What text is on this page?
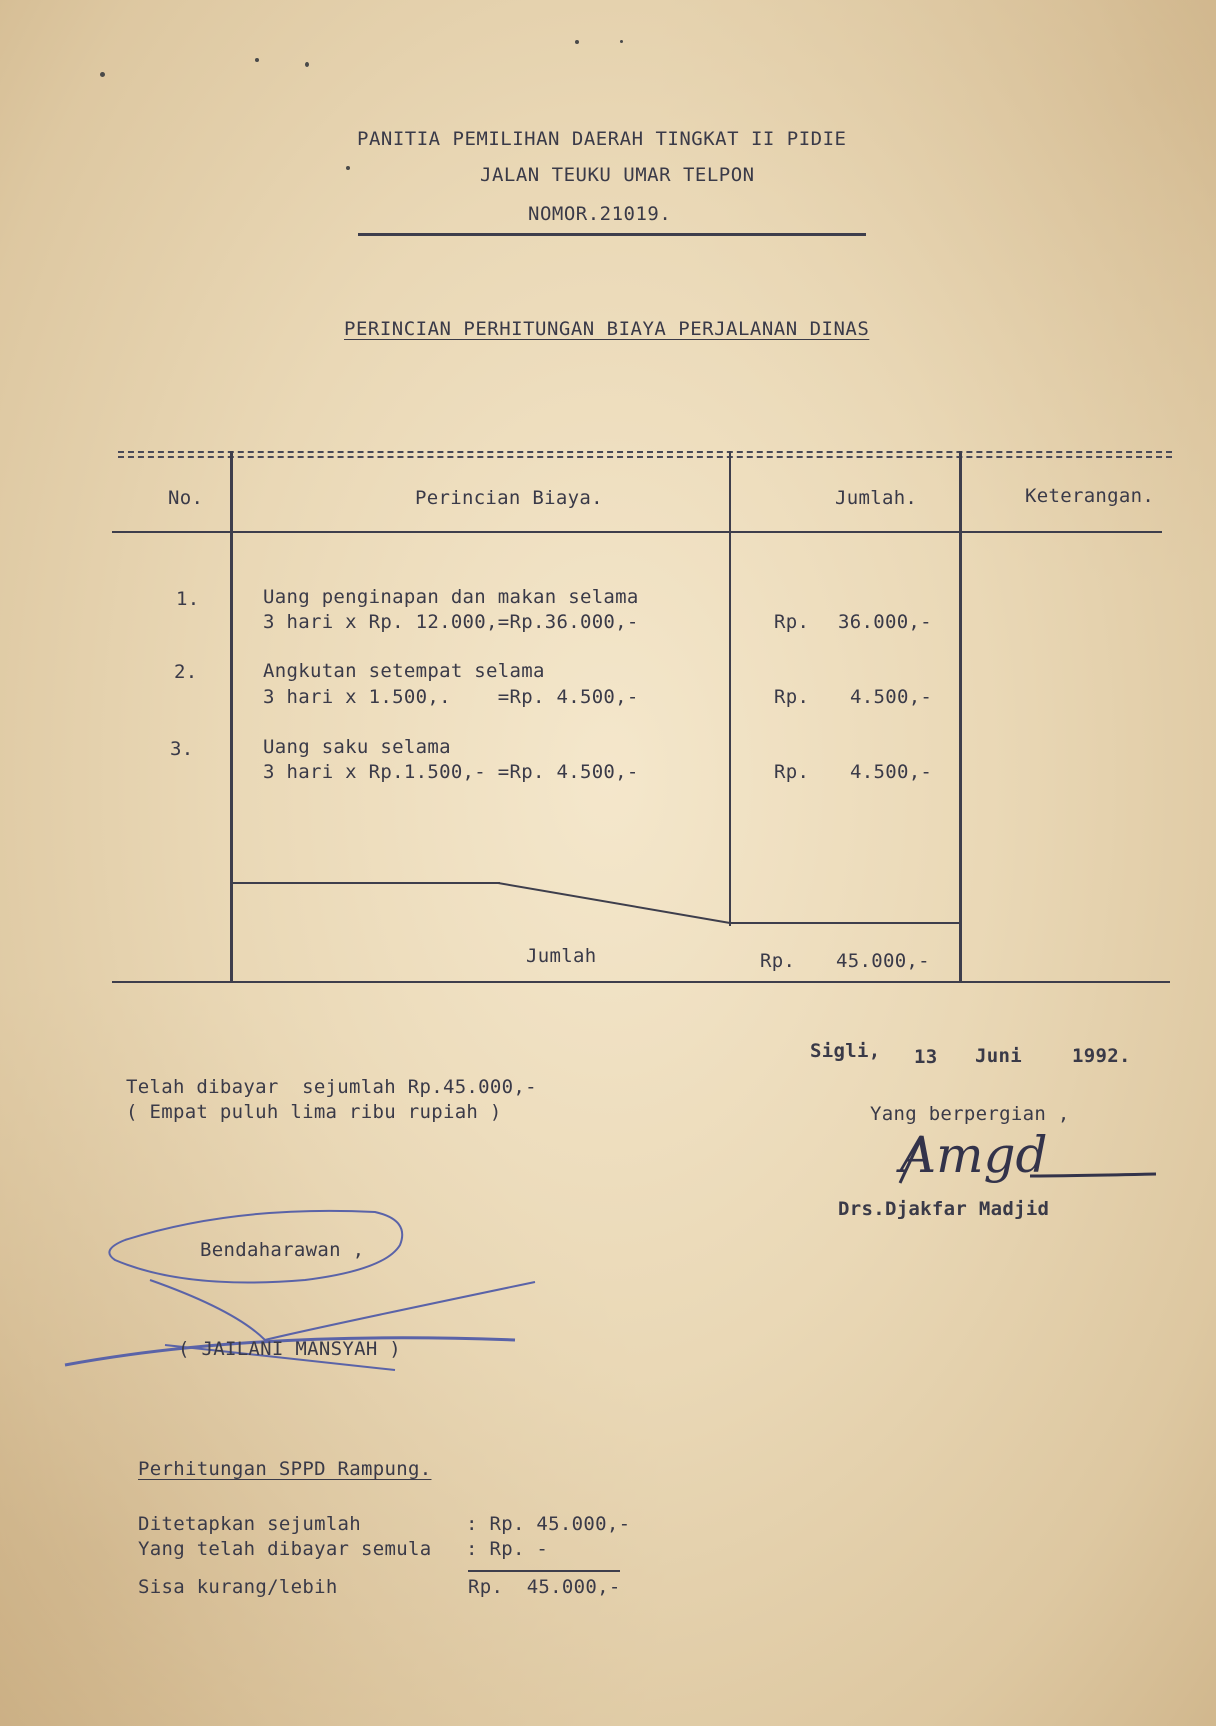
PANITIA PEMILIHAN DAERAH TINGKAT II PIDIE
JALAN TEUKU UMAR TELPON
NOMOR.21019.
PERINCIAN PERHITUNGAN BIAYA PERJALANAN DINAS
No.	Perincian Biaya.	Jumlah.	Keterangan.
1.	Uang penginapan dan makan selama
3 hari x Rp. 12.000,=Rp.36.000,-	Rp. 36.000,-
2.	Angkutan setempat selama
3 hari x 1.500,.    =Rp. 4.500,-	Rp. 4.500,-
3.	Uang saku selama
3 hari x Rp.1.500,- =Rp. 4.500,-	Rp. 4.500,-
Jumlah	Rp. 45.000,-
Telah dibayar  sejumlah Rp.45.000,-
( Empat puluh lima ribu rupiah )
Sigli, 13 Juni	1992.
Yang berpergian ,
Amgd
Drs.Djakfar Madjid
Bendaharawan ,
( JAILANI MANSYAH )
Perhitungan SPPD Rampung.
Ditetapkan sejumlah	: Rp. 45.000,-
Yang telah dibayar semula : Rp. -
Sisa kurang/lebih	Rp.  45.000,-
